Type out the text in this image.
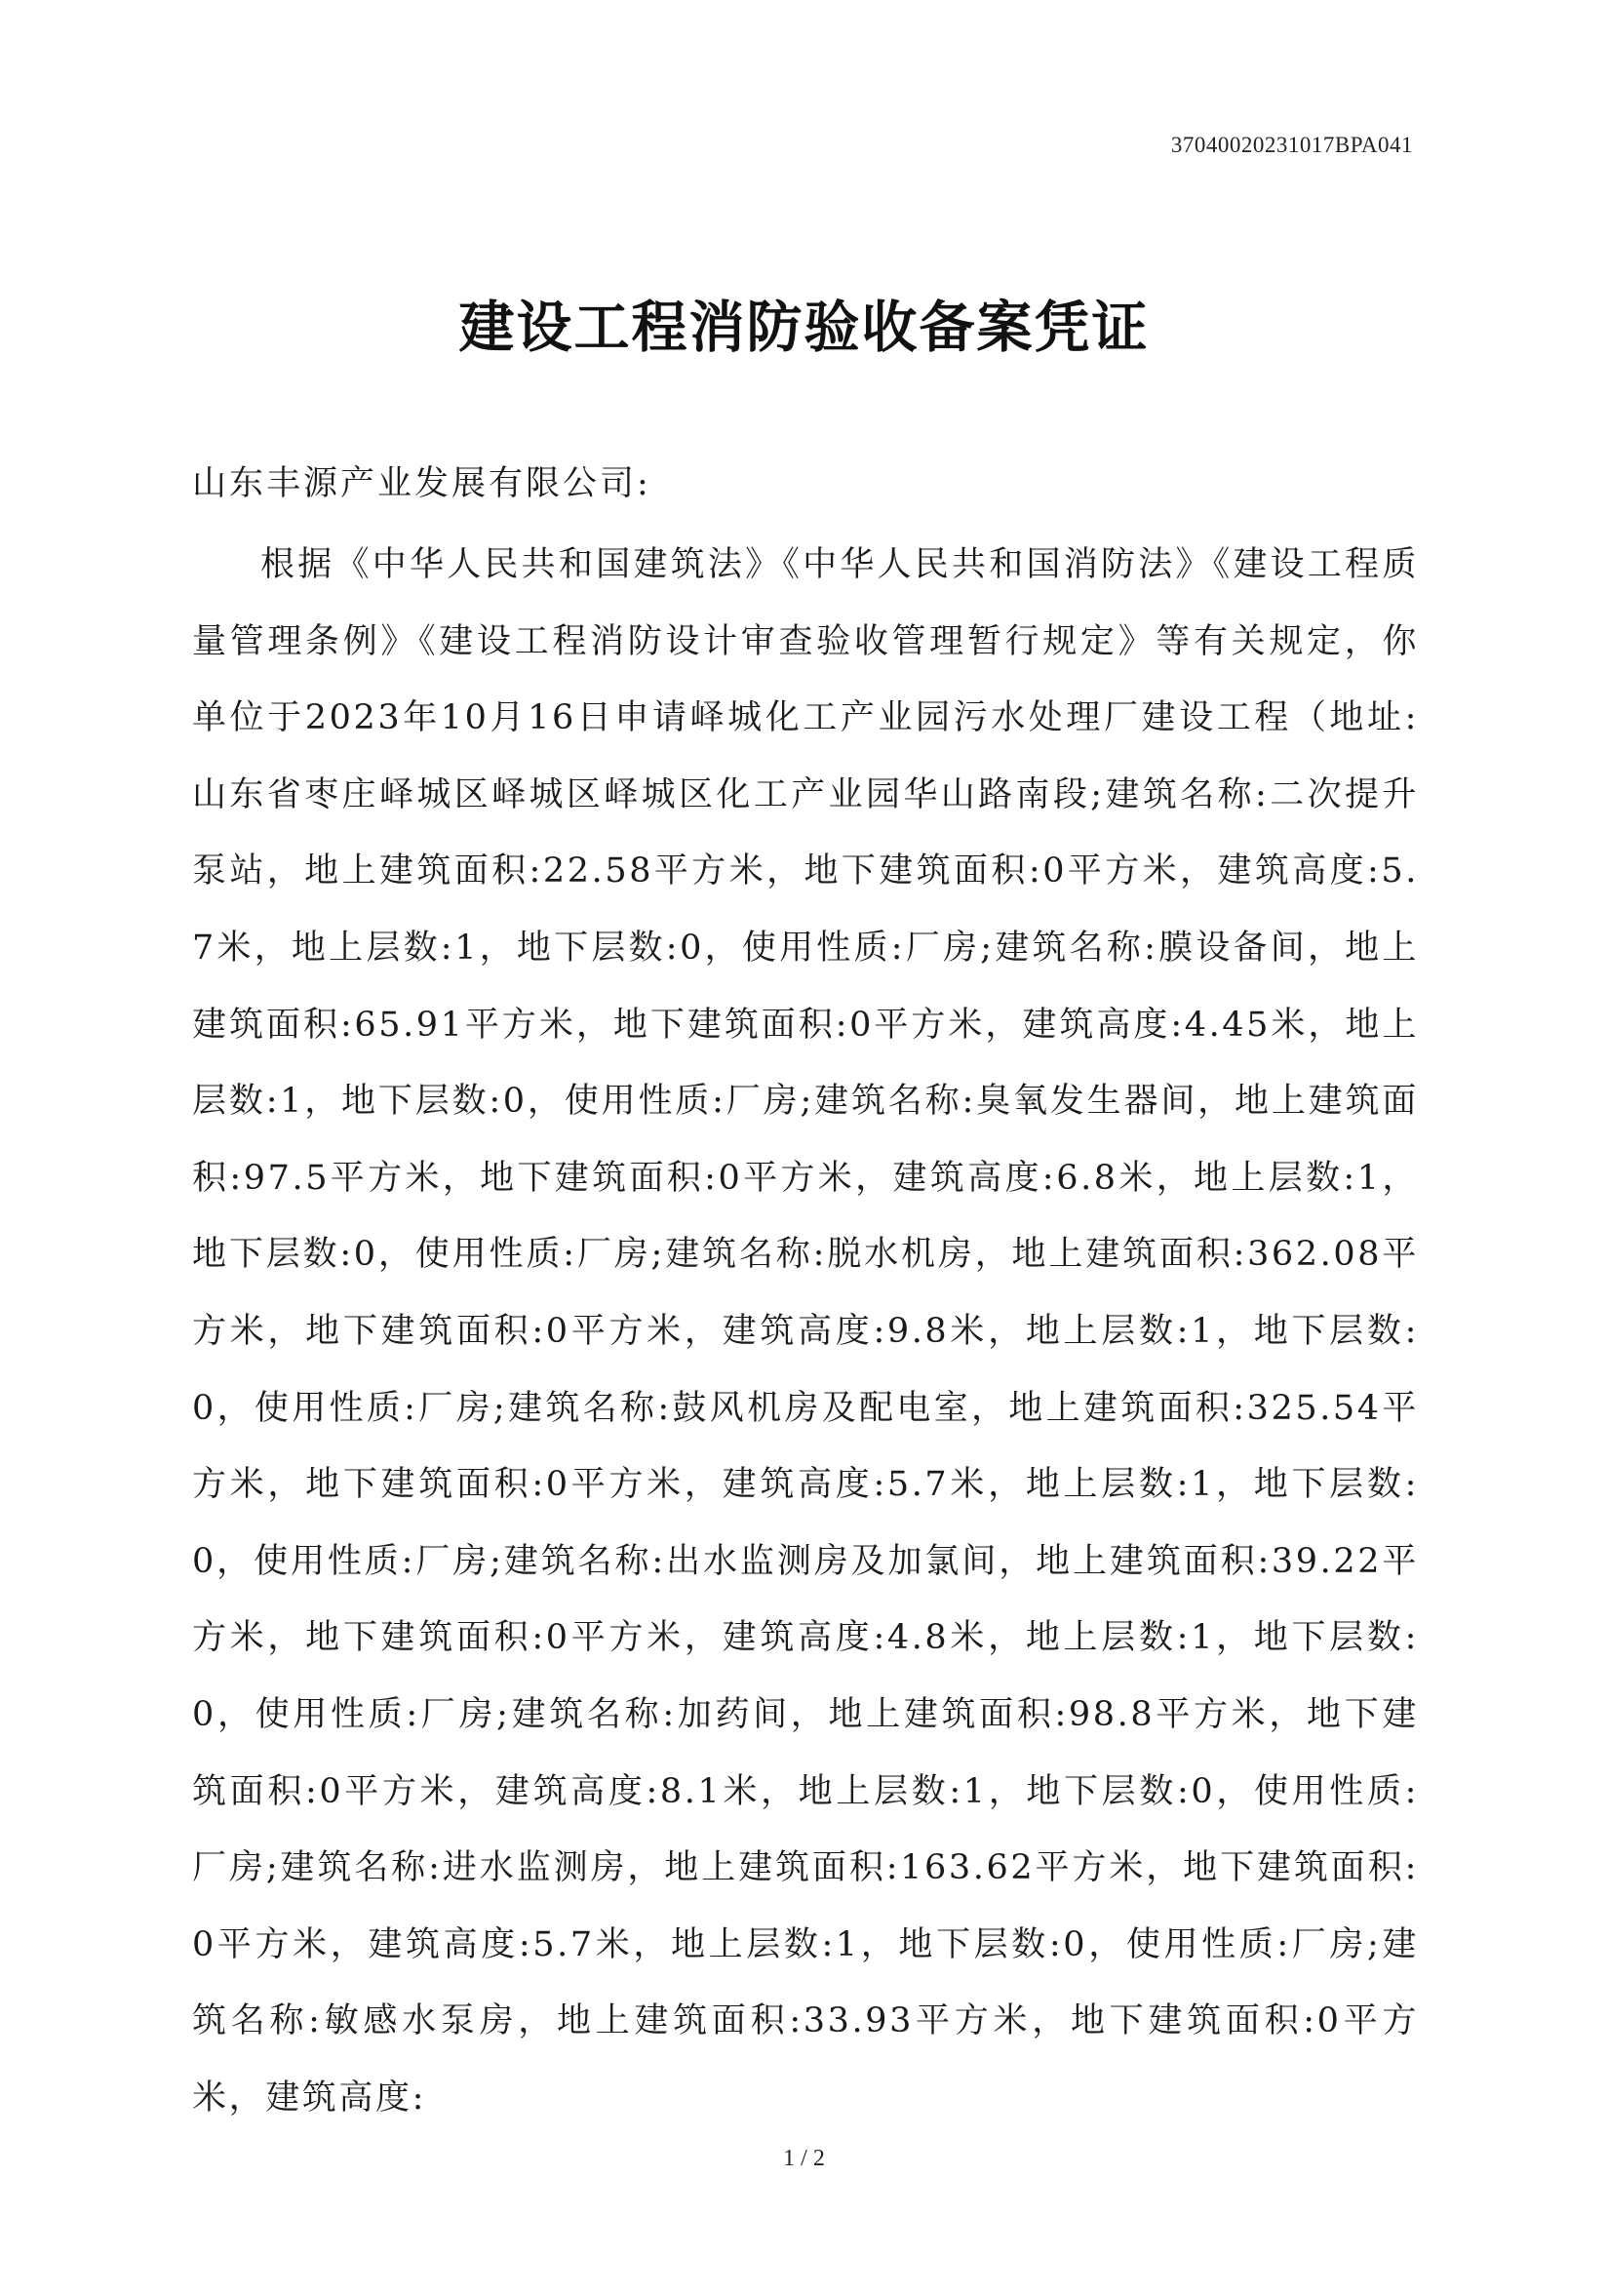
37040020231017BPA041
建设工程消防验收备案凭证
山东丰源产业发展有限公司:
根据《中华人民共和国建筑法》《中华人民共和国消防法》《建设工程质量管理条例》《建设工程消防设计审查验收管理暂行规定》等有关规定，你单位于2023年10月16日申请峄城化工产业园污水处理厂建设工程（地址:山东省枣庄峄城区峄城区峄城区化工产业园华山路南段;建筑名称:二次提升泵站，地上建筑面积:22.58平方米，地下建筑面积:0平方米，建筑高度:5.7米，地上层数:1，地下层数:0，使用性质:厂房;建筑名称:膜设备间，地上建筑面积:65.91平方米，地下建筑面积:0平方米，建筑高度:4.45米，地上层数:1，地下层数:0，使用性质:厂房;建筑名称:臭氧发生器间，地上建筑面积:97.5平方米，地下建筑面积:0平方米，建筑高度:6.8米，地上层数:1，地下层数:0，使用性质:厂房;建筑名称:脱水机房，地上建筑面积:362.08平方米，地下建筑面积:0平方米，建筑高度:9.8米，地上层数:1，地下层数:0，使用性质:厂房;建筑名称:鼓风机房及配电室，地上建筑面积:325.54平方米，地下建筑面积:0平方米，建筑高度:5.7米，地上层数:1，地下层数:0，使用性质:厂房;建筑名称:出水监测房及加氯间，地上建筑面积:39.22平方米，地下建筑面积:0平方米，建筑高度:4.8米，地上层数:1，地下层数:0，使用性质:厂房;建筑名称:加药间，地上建筑面积:98.8平方米，地下建筑面积:0平方米，建筑高度:8.1米，地上层数:1，地下层数:0，使用性质:厂房;建筑名称:进水监测房，地上建筑面积:163.62平方米，地下建筑面积:0平方米，建筑高度:5.7米，地上层数:1，地下层数:0，使用性质:厂房;建筑名称:敏感水泵房，地上建筑面积:33.93平方米，地下建筑面积:0平方米，建筑高度:
1 / 2
